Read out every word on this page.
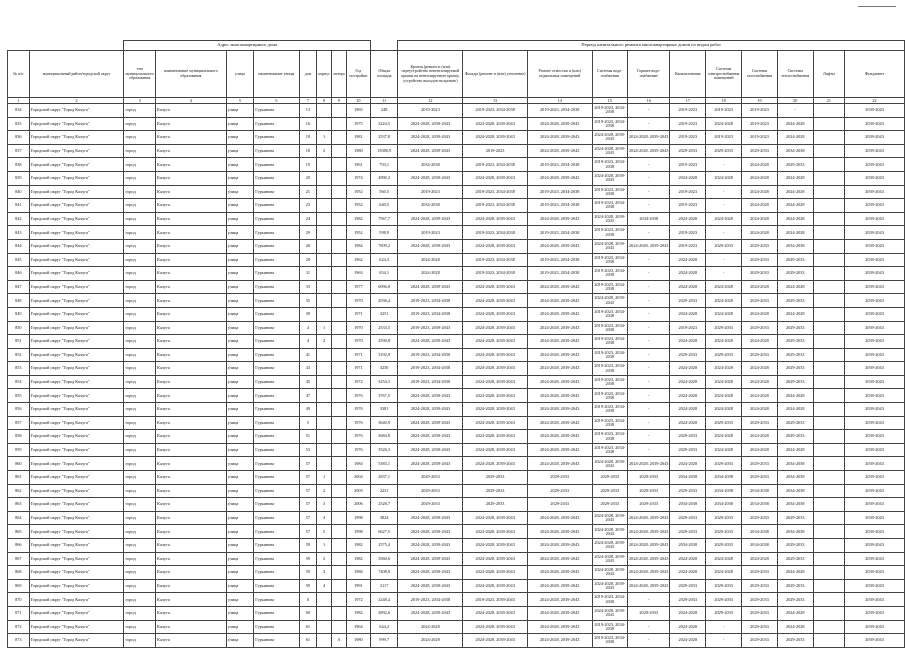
		Адрес многоквартирного дома									Период капитального ремонта многоквартирных домов по видам работ										
№ п/п	муниципальный район/городской округ	тип муниципального образования	наименование муниципального образования	улица	наименование улицы	дом	корпус	литера	Год постройки	Общая площадь	Кровля (ремонт и (или) переустройство невентилируемой крыши на вентилируемую крышу, устройство выходов на кровлю)	Фасады (ремонт и (или) утепление)	Ремонт отмостки и (или) подвальных помещений	Системы водо-снабжения	Горячее водо-снабжение	Канализование	Системы электроснабжения помещений	Системы газоснабжения	Системы теплоснабжения	Лифты	Фундамент
1	2	3	4	5	6	7	8	9	10	11	12	13	14	15	16	17	18	19	20	21	22
834	Городской округ "Город Калуга"	город	Калуга	улица	Гурьянова	13			1965	248	2019-2023	2019-2023, 2034-2038	2019-2023, 2034-2038	2019-2023, 2034-2038	-	2019-2023	2019-2023	2019-2023	-		2039-2043
835	Городской округ "Город Калуга"	город	Калуга	улица	Гурьянова	16			1975	3224,5	2024-2028, 2039-2043	2024-2028, 2039-2043	2024-2028, 2039-2043	2019-2023, 2034-2038	-	2019-2023	2024-2028	2019-2023	2024-2028		2039-2043
836	Городской округ "Город Калуга"	город	Калуга	улица	Гурьянова	18	1		1981	2537,8	2024-2028, 2039-2043	2024-2028, 2039-2043	2024-2028, 2039-2043	2024-2028, 2039-2043	2024-2028, 2039-2043	2019-2023	2019-2023	2019-2023	2024-2028		2039-2043
837	Городской округ "Город Калуга"	город	Калуга	улица	Гурьянова	18	2		1980	15080,9	2024-2028, 2039-2043	2019-2023	2024-2028, 2039-2043	2024-2028, 2039-2043	2024-2028, 2039-2043	2029-2033	2029-2033	2029-2033	2034-2038		2039-2043
838	Городской округ "Город Калуга"	город	Калуга	улица	Гурьянова	19			1961	793,1	2034-2038	2019-2023, 2034-2038	2019-2023, 2034-2038	2019-2023, 2034-2038	-	2019-2023	-	2024-2028	2029-2033		2039-2043
839	Городской округ "Город Калуга"	город	Калуга	улица	Гурьянова	20			1974	4990,3	2024-2028, 2039-2043	2024-2028, 2039-2043	2024-2028, 2039-2043	2024-2028, 2039-2043	-	2024-2028	2024-2028	2024-2028	2024-2028		2039-2043
840	Городской округ "Город Калуга"	город	Калуга	улица	Гурьянова	21			1952	560,5	2019-2023	2019-2023, 2034-2038	2019-2023, 2034-2038	2019-2023, 2034-2038	-	2019-2023	-	2024-2028	2024-2028		2039-2043
841	Городской округ "Город Калуга"	город	Калуга	улица	Гурьянова	23			1952	640,5	2034-2038	2019-2023, 2034-2038	2019-2023, 2034-2038	2019-2023, 2034-2038	-	2019-2023	-	2024-2028	2024-2028		2039-2043
842	Городской округ "Город Калуга"	город	Калуга	улица	Гурьянова	24			1982	7567,7	2024-2028, 2039-2043	2024-2028, 2039-2043	2024-2028, 2039-2043	2024-2028, 2039-2043	2034-2038	2024-2028	2024-2028	2024-2028	2024-2028		2039-2043
843	Городской округ "Город Калуга"	город	Калуга	улица	Гурьянова	29			1952	598,9	2019-2023	2019-2023, 2034-2038	2019-2023, 2034-2038	2019-2023, 2034-2038	-	2019-2023	-	2024-2028	2024-2028		2039-2043
844	Городской округ "Город Калуга"	город	Калуга	улица	Гурьянова	26			1984	7609,2	2024-2028, 2039-2043	2024-2028, 2039-2043	2024-2028, 2039-2043	2024-2028, 2039-2043	2024-2028, 2039-2043	2019-2023	2029-2033	2029-2033	2034-2038		2039-2043
845	Городской округ "Город Калуга"	город	Калуга	улица	Гурьянова	28			1962	624,3	2024-2028	2019-2023, 2034-2038	2019-2023, 2034-2038	2019-2023, 2034-2038	-	2024-2028	-	2029-2033	2029-2033		2039-2043
846	Городской округ "Город Калуга"	город	Калуга	улица	Гурьянова	31			1963	654,1	2024-2028	2019-2023, 2034-2038	2019-2023, 2034-2038	2019-2023, 2034-2038	-	2024-2028	-	2029-2033	2029-2033		2039-2043
847	Городской округ "Город Калуга"	город	Калуга	улица	Гурьянова	33			1977	6096,8	2024-2028, 2039-2043	2024-2028, 2039-2043	2024-2028, 2039-2043	2019-2023, 2034-2038	-	2024-2028	2024-2028	2024-2028	2024-2028		2039-2043
848	Городской округ "Город Калуга"	город	Калуга	улица	Гурьянова	35			1970	2936,4	2019-2023, 2034-2038	2024-2028, 2039-2043	2024-2028, 2039-2043	2024-2028, 2039-2043	-	2029-2033	2024-2028	2029-2033	2029-2033		2039-2043
849	Городской округ "Город Калуга"	город	Калуга	улица	Гурьянова	39			1971	3251	2019-2023, 2034-2038	2024-2028, 2039-2043	2024-2028, 2039-2043	2019-2023, 2034-2038	-	2024-2028	2024-2028	2024-2028	2024-2028		2039-2043
850	Городской округ "Город Калуга"	город	Калуга	улица	Гурьянова	4	1		1970	2533,5	2019-2023, 2039-2043	2024-2028, 2039-2043	2024-2028, 2039-2043	2019-2023, 2034-2038	-	2019-2023	2029-2033	2029-2033	2029-2033		2039-2043
851	Городской округ "Город Калуга"	город	Калуга	улица	Гурьянова	4	2		1970	2590,8	2024-2028, 2039-2043	2024-2028, 2039-2043	2024-2028, 2039-2043	2019-2023, 2034-2038	-	2024-2028	2024-2028	2024-2028	2029-2033		2039-2043
852	Городской округ "Город Калуга"	город	Калуга	улица	Гурьянова	41			1971	3192,9	2019-2023, 2034-2038	2024-2028, 2039-2043	2024-2028, 2039-2043	2019-2023, 2034-2038	-	2029-2033	2029-2033	2029-2033	2029-2033		2039-2043
853	Городской округ "Город Калуга"	город	Калуга	улица	Гурьянова	43			1971	3230	2019-2023, 2034-2038	2024-2028, 2039-2043	2024-2028, 2039-2043	2019-2023, 2034-2038	-	2024-2028	2024-2028	2024-2028	2029-2033		2039-2043
854	Городской округ "Город Калуга"	город	Калуга	улица	Гурьянова	45			1972	3254,3	2019-2023, 2034-2038	2024-2028, 2039-2043	2024-2028, 2039-2043	2019-2023, 2034-2038	-	2024-2028	2024-2028	2024-2028	2029-2033		2039-2043
855	Городской округ "Город Калуга"	город	Калуга	улица	Гурьянова	47			1976	3767,5	2024-2028, 2039-2043	2024-2028, 2039-2043	2024-2028, 2039-2043	2019-2023, 2034-2038	-	2024-2028	2024-2028	2024-2028	2024-2028		2039-2043
856	Городской округ "Город Калуга"	город	Калуга	улица	Гурьянова	49			1976	3381	2024-2028, 2039-2043	2024-2028, 2039-2043	2024-2028, 2039-2043	2019-2023, 2034-2038	-	2024-2028	2024-2028	2024-2028	2024-2028		2039-2043
857	Городской округ "Город Калуга"	город	Калуга	улица	Гурьянова	5			1976	3640,9	2024-2028, 2039-2043	2024-2028, 2039-2043	2024-2028, 2039-2043	2019-2023, 2034-2038	-	2024-2028	2029-2033	2029-2033	2029-2033		2039-2043
858	Городской округ "Город Калуга"	город	Калуга	улица	Гурьянова	51			1976	3684,8	2024-2028, 2039-2043	2024-2028, 2039-2043	2024-2028, 2039-2043	2019-2023, 2034-2038	-	2029-2033	2024-2028	2024-2028	2029-2033		2039-2043
859	Городской округ "Город Калуга"	город	Калуга	улица	Гурьянова	53			1976	3526,3	2024-2028, 2039-2043	2024-2028, 2039-2043	2024-2028, 2039-2043	2019-2023, 2034-2038	-	2029-2033	2024-2028	2024-2028	2024-2028		2039-2043
860	Городской округ "Город Калуга"	город	Калуга	улица	Гурьянова	57			1984	5383,1	2024-2028, 2039-2043	2024-2028, 2039-2043	2024-2028, 2039-2043	2024-2028, 2039-2043	2024-2028, 2039-2043	2024-2028	2029-2033	2029-2033	2034-2038		2039-2043
861	Городской округ "Город Калуга"	город	Калуга	улица	Гурьянова	57	1		2004	2837,1	2029-2033	2029-2033	2029-2033	2029-2033	2029-2033	2034-2038	2034-2038	2029-2033	2034-2038		2039-2043
862	Городской округ "Город Калуга"	город	Калуга	улица	Гурьянова	57	2		2003	2231	2029-2033	2029-2033	2029-2033	2029-2033	2029-2033	2029-2033	2034-2038	2034-2038	2034-2038		2039-2043
863	Городской округ "Город Калуга"	город	Калуга	улица	Гурьянова	57	3		2006	2528,7	2029-2033	2029-2033	2029-2033	2029-2033	2029-2033	2034-2038	2034-2038	2034-2038	2034-2038		2039-2043
864	Городской округ "Город Калуга"	город	Калуга	улица	Гурьянова	57	4		1998	3824	2024-2028, 2039-2043	2024-2028, 2039-2043	2024-2028, 2039-2043	2024-2028, 2039-2043	2024-2028, 2039-2043	2029-2033	2029-2033	2029-2033	2029-2033		2039-2043
865	Городской округ "Город Калуга"	город	Калуга	улица	Гурьянова	57	5		1998	6627,5	2024-2028, 2039-2043	2024-2028, 2039-2043	2024-2028, 2039-2043	2024-2028, 2039-2043	2024-2028, 2039-2043	2029-2033	2029-2033	2034-2038	2034-2038		2039-2043
866	Городской округ "Город Калуга"	город	Калуга	улица	Гурьянова	59	1		1982	2575,4	2024-2028, 2039-2043	2024-2028, 2039-2043	2024-2028, 2039-2043	2024-2028, 2039-2043	2024-2028, 2039-2043	2034-2038	2029-2033	2034-2038	2029-2033		2039-2043
867	Городской округ "Город Калуга"	город	Калуга	улица	Гурьянова	59	2		1982	3560,6	2024-2028, 2039-2043	2024-2028, 2039-2043	2024-2028, 2039-2043	2024-2028, 2039-2043	2024-2028, 2039-2043	2024-2028	2024-2028	2024-2028	2029-2033		2039-2043
868	Городской округ "Город Калуга"	город	Калуга	улица	Гурьянова	59	3		1986	7408,8	2024-2028, 2039-2043	2024-2028, 2039-2043	2024-2028, 2039-2043	2024-2028, 2039-2043	2024-2028, 2039-2043	2024-2028	2024-2028	2029-2033	2024-2028		2039-2043
869	Городской округ "Город Калуга"	город	Калуга	улица	Гурьянова	59	4		1991	3117	2024-2028, 2039-2043	2024-2028, 2039-2043	2024-2028, 2039-2043	2024-2028, 2039-2043	2024-2028, 2039-2043	2029-2033	2029-2033	2029-2033	2029-2033		2039-2043
870	Городской округ "Город Калуга"	город	Калуга	улица	Гурьянова	6			1972	2248,4	2019-2023, 2034-2038	2019-2023, 2039-2043	2024-2028, 2039-2043	2019-2023, 2034-2038	-	2029-2033	2029-2033	2029-2033	2029-2033		2039-2043
871	Городской округ "Город Калуга"	город	Калуга	улица	Гурьянова	60			1982	2892,6	2024-2028, 2039-2043	2024-2028, 2039-2043	2024-2028, 2039-2043	2024-2028, 2039-2043	2029-2033	2024-2028	2029-2033	2029-2033	2024-2028		2039-2043
872	Городской округ "Город Калуга"	город	Калуга	улица	Гурьянова	61			1964	644,2	2024-2028	2024-2028, 2039-2043	2024-2028, 2039-2043	2019-2023, 2034-2038	-	2024-2028	-	2029-2033	2024-2028		2039-2043
873	Городской округ "Город Калуга"	город	Калуга	улица	Гурьянова	61		А	1980	999,7	2024-2028	2024-2028, 2039-2043	2024-2028, 2039-2043	2019-2023, 2034-2038	-	2024-2028	-	2029-2033	2029-2033		2039-2043
